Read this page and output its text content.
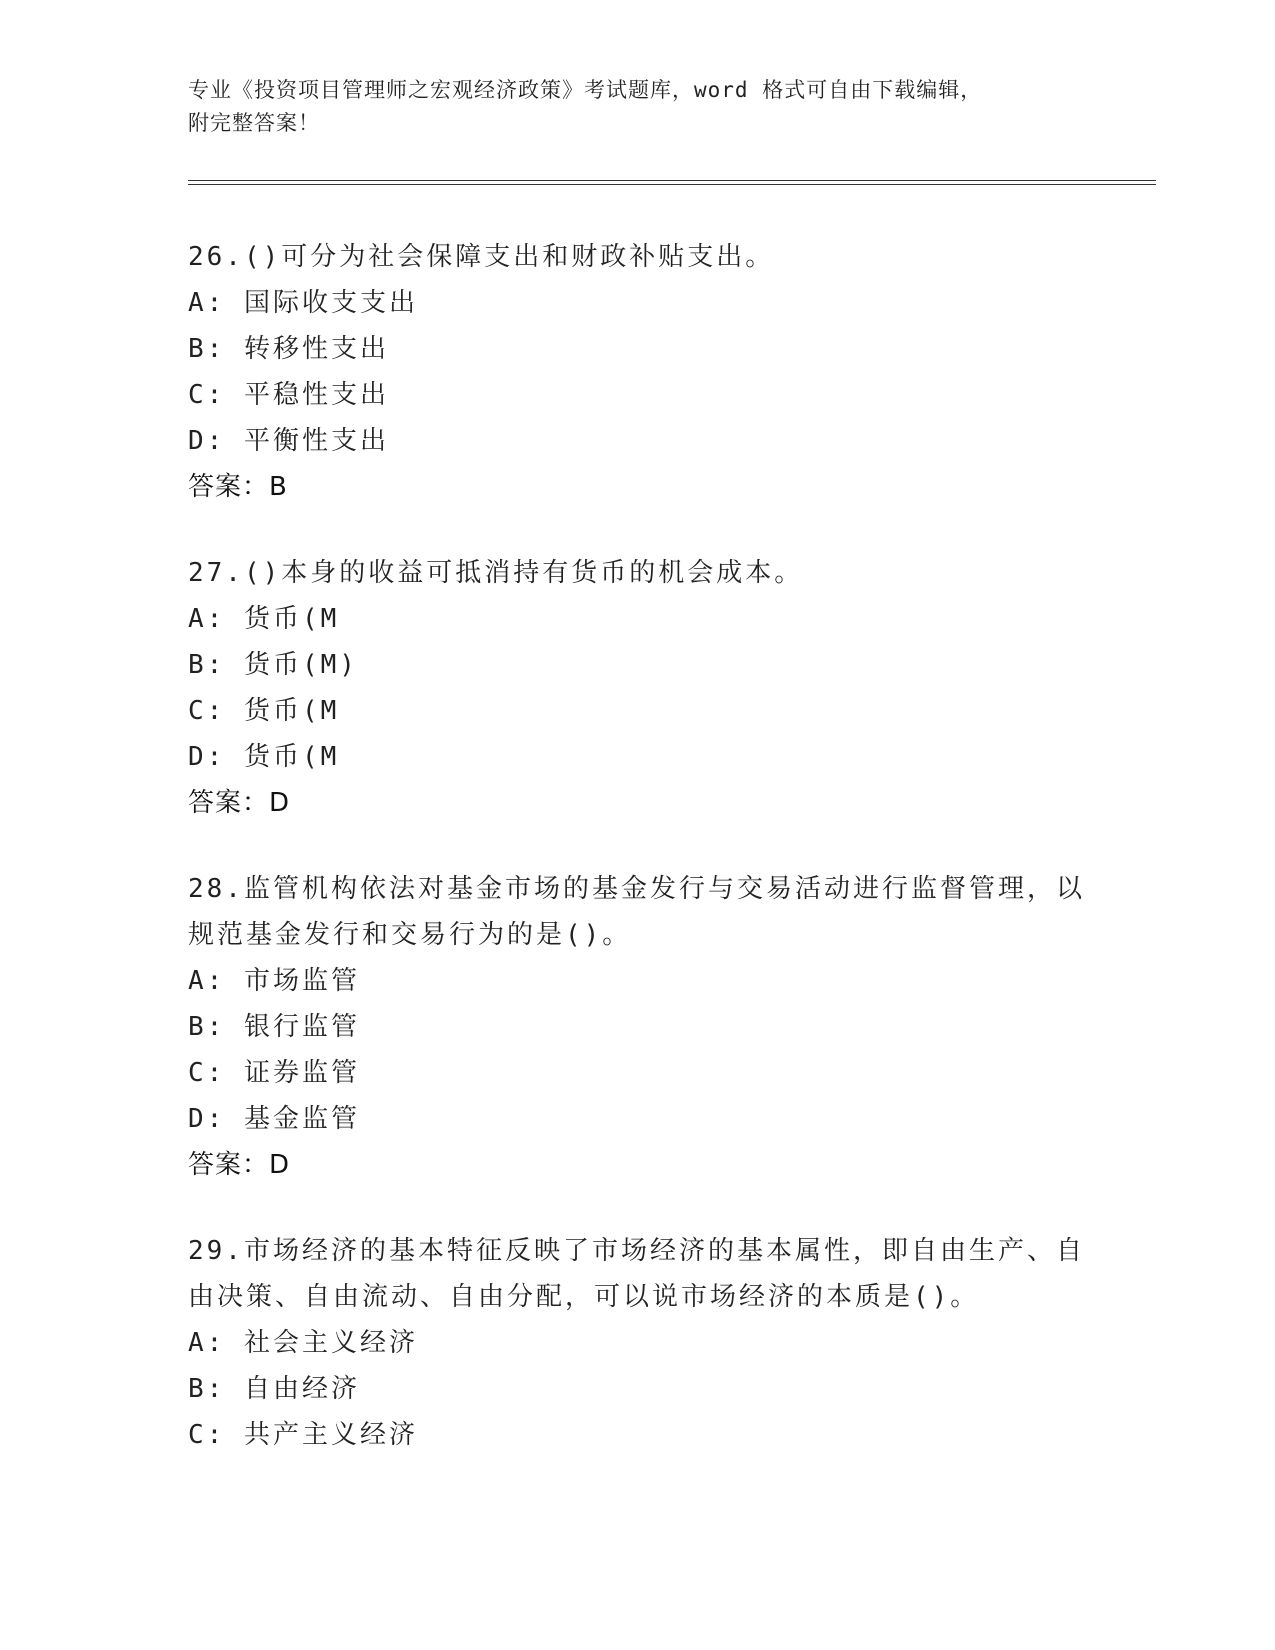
专业《投资项目管理师之宏观经济政策》考试题库，word 格式可自由下载编辑，
附完整答案！
26.()可分为社会保障支出和财政补贴支出。
A: 国际收支支出
B: 转移性支出
C: 平稳性支出
D: 平衡性支出
答案：B
27.()本身的收益可抵消持有货币的机会成本。
A: 货币(M
B: 货币(M)
C: 货币(M
D: 货币(M
答案：D
28.监管机构依法对基金市场的基金发行与交易活动进行监督管理，以规范基金发行和交易行为的是()。
A: 市场监管
B: 银行监管
C: 证券监管
D: 基金监管
答案：D
29.市场经济的基本特征反映了市场经济的基本属性，即自由生产、自由决策、自由流动、自由分配，可以说市场经济的本质是()。
A: 社会主义经济
B: 自由经济
C: 共产主义经济
